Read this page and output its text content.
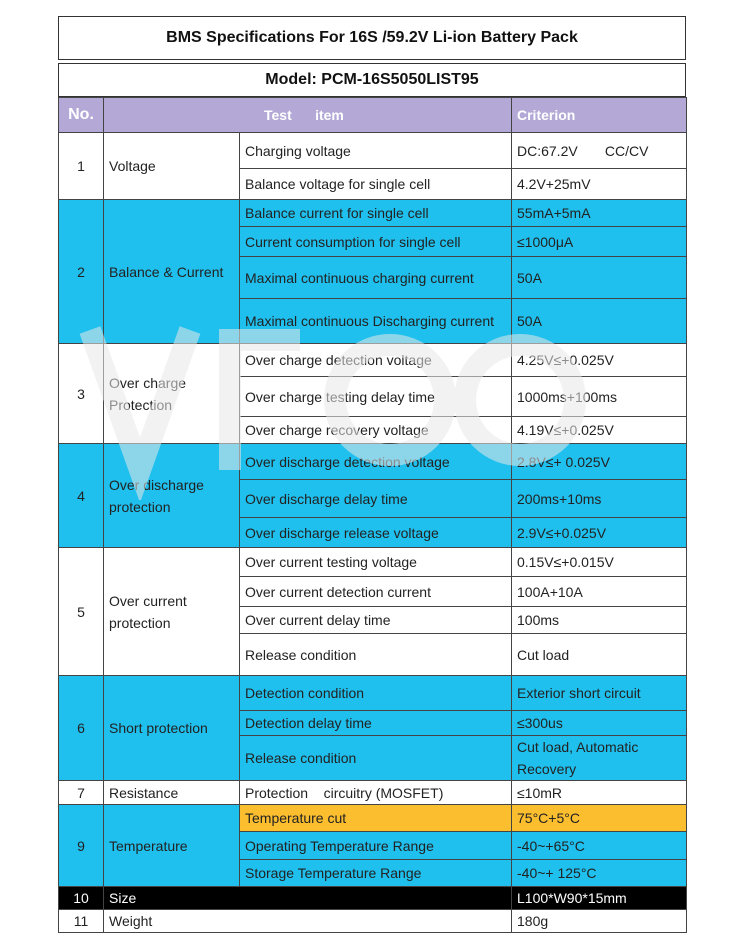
BMS Specifications For 16S /59.2V Li-ion Battery Pack
Model: PCM-16S5050LIST95
No.	Test      item		Criterion
1	Voltage	Charging voltage	DC:67.2V       CC/CV
		Balance voltage for single cell	4.2V+25mV
2	Balance & Current	Balance current for single cell	55mA+5mA
		Current consumption for single cell	≤1000μA
		Maximal continuous charging current	50A
		Maximal continuous Discharging current	50A
3	Over charge Protection	Over charge detection voltage	4.25V≤+0.025V
		Over charge testing delay time	1000ms+100ms
		Over charge recovery voltage	4.19V≤+0.025V
4	Over discharge protection	Over discharge detection voltage	2.8V≤+ 0.025V
		Over discharge delay time	200ms+10ms
		Over discharge release voltage	2.9V≤+0.025V
5	Over current protection	Over current testing voltage	0.15V≤+0.015V
		Over current detection current	100A+10A
		Over current delay time	100ms
		Release condition	Cut load
6	Short protection	Detection condition	Exterior short circuit
		Detection delay time	≤300us
		Release condition	Cut load, Automatic Recovery
7	Resistance	Protection    circuitry (MOSFET)	≤10mR
9	Temperature	Temperature cut	75°C+5°C
		Operating Temperature Range	-40~+65°C
		Storage Temperature Range	-40~+ 125°C
10	Size		L100*W90*15mm
11	Weight		180g
